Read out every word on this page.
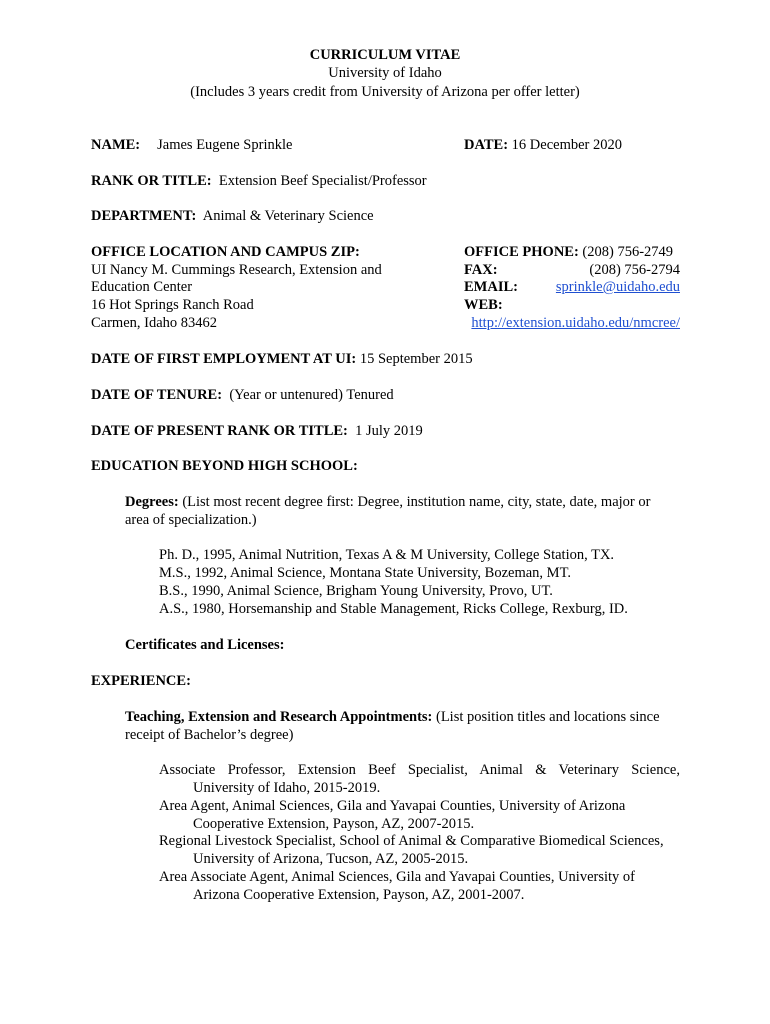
CURRICULUM VITAE
University of Idaho
(Includes 3 years credit from University of Arizona per offer letter)
NAME: James Eugene Sprinkle	DATE: 16 December 2020
RANK OR TITLE: Extension Beef Specialist/Professor
DEPARTMENT: Animal & Veterinary Science
OFFICE LOCATION AND CAMPUS ZIP:
UI Nancy M. Cummings Research, Extension and
Education Center
16 Hot Springs Ranch Road
Carmen, Idaho 83462
OFFICE PHONE: (208) 756-2749
FAX:	(208) 756-2794
EMAIL:	sprinkle@uidaho.edu
WEB:
http://extension.uidaho.edu/nmcree/
DATE OF FIRST EMPLOYMENT AT UI: 15 September 2015
DATE OF TENURE: (Year or untenured) Tenured
DATE OF PRESENT RANK OR TITLE: 1 July 2019
EDUCATION BEYOND HIGH SCHOOL:
Degrees: (List most recent degree first: Degree, institution name, city, state, date, major or
area of specialization.)
Ph. D., 1995, Animal Nutrition, Texas A & M University, College Station, TX.
M.S., 1992, Animal Science, Montana State University, Bozeman, MT.
B.S., 1990, Animal Science, Brigham Young University, Provo, UT.
A.S., 1980, Horsemanship and Stable Management, Ricks College, Rexburg, ID.
Certificates and Licenses:
EXPERIENCE:
Teaching, Extension and Research Appointments: (List position titles and locations since
receipt of Bachelor’s degree)
Associate Professor, Extension Beef Specialist, Animal & Veterinary Science,
University of Idaho, 2015-2019.
Area Agent, Animal Sciences, Gila and Yavapai Counties, University of Arizona
Cooperative Extension, Payson, AZ, 2007-2015.
Regional Livestock Specialist, School of Animal & Comparative Biomedical Sciences,
University of Arizona, Tucson, AZ, 2005-2015.
Area Associate Agent, Animal Sciences, Gila and Yavapai Counties, University of
Arizona Cooperative Extension, Payson, AZ, 2001-2007.
